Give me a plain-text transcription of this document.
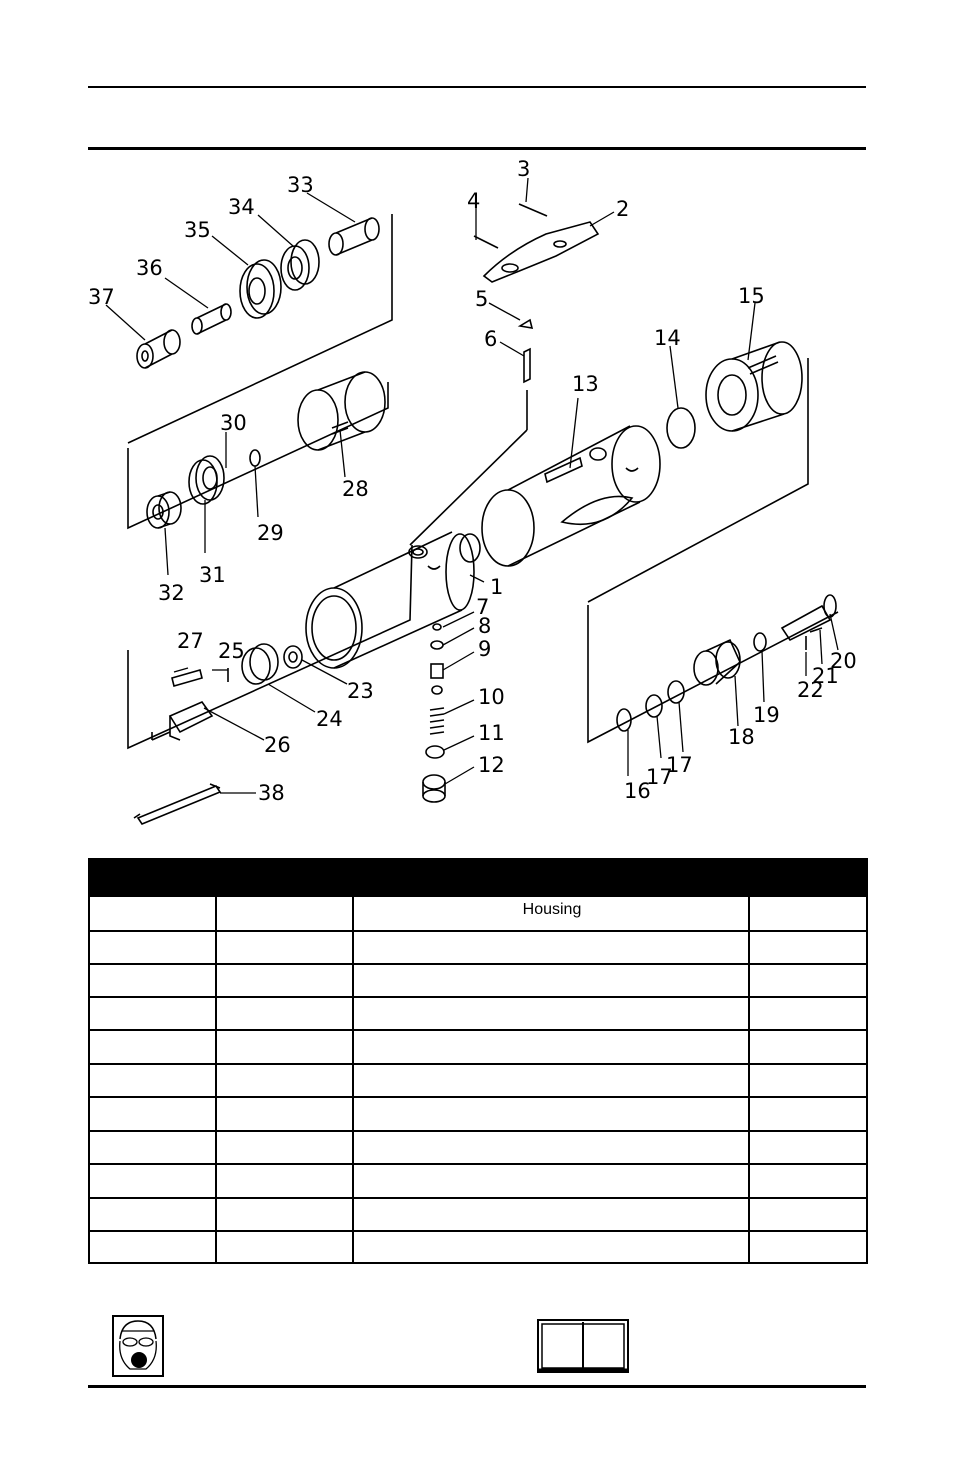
1
2
3
4
5
6
7
8
9
10
11
12
13
14
15
16
17
17
18
19
20
21
22
23
24
25
26
27
28
29
30
31
32
33
34
35
36
37
38
Housing
